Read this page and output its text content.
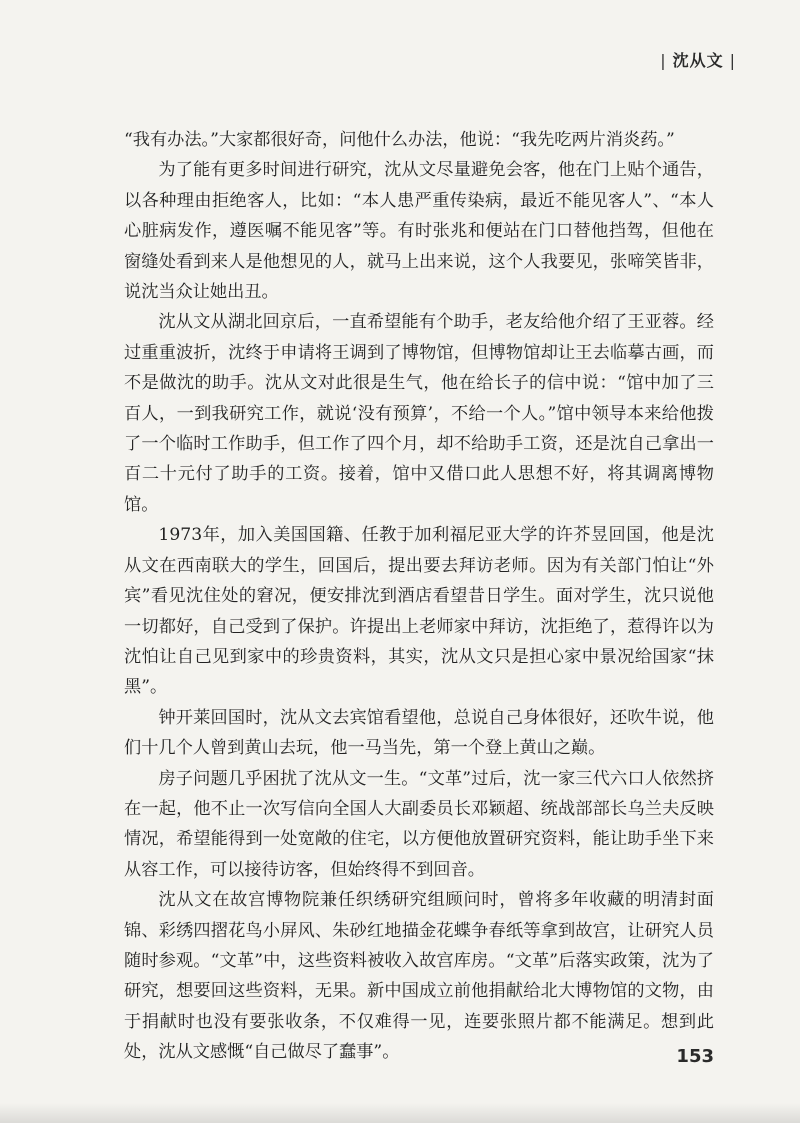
| 沈从文 |

“我有办法。”大家都很好奇，问他什么办法，他说：“我先吃两片消炎药。”

为了能有更多时间进行研究，沈从文尽量避免会客，他在门上贴个通告，以各种理由拒绝客人，比如：“本人患严重传染病，最近不能见客人”、“本人心脏病发作，遵医嘱不能见客”等。有时张兆和便站在门口替他挡驾，但他在窗缝处看到来人是他想见的人，就马上出来说，这个人我要见，张啼笑皆非，说沈当众让她出丑。

沈从文从湖北回京后，一直希望能有个助手，老友给他介绍了王亚蓉。经过重重波折，沈终于申请将王调到了博物馆，但博物馆却让王去临摹古画，而不是做沈的助手。沈从文对此很是生气，他在给长子的信中说：“馆中加了三百人，一到我研究工作，就说‘没有预算’，不给一个人。”馆中领导本来给他拨了一个临时工作助手，但工作了四个月，却不给助手工资，还是沈自己拿出一百二十元付了助手的工资。接着，馆中又借口此人思想不好，将其调离博物馆。

1973年，加入美国国籍、任教于加利福尼亚大学的许芥昱回国，他是沈从文在西南联大的学生，回国后，提出要去拜访老师。因为有关部门怕让“外宾”看见沈住处的窘况，便安排沈到酒店看望昔日学生。面对学生，沈只说他一切都好，自己受到了保护。许提出上老师家中拜访，沈拒绝了，惹得许以为沈怕让自己见到家中的珍贵资料，其实，沈从文只是担心家中景况给国家“抹黑”。

钟开莱回国时，沈从文去宾馆看望他，总说自己身体很好，还吹牛说，他们十几个人曾到黄山去玩，他一马当先，第一个登上黄山之巅。

房子问题几乎困扰了沈从文一生。“文革”过后，沈一家三代六口人依然挤在一起，他不止一次写信向全国人大副委员长邓颖超、统战部部长乌兰夫反映情况，希望能得到一处宽敞的住宅，以方便他放置研究资料，能让助手坐下来从容工作，可以接待访客，但始终得不到回音。

沈从文在故宫博物院兼任织绣研究组顾问时，曾将多年收藏的明清封面锦、彩绣四摺花鸟小屏风、朱砂红地描金花蝶争春纸等拿到故宫，让研究人员随时参观。“文革”中，这些资料被收入故宫库房。“文革”后落实政策，沈为了研究，想要回这些资料，无果。新中国成立前他捐献给北大博物馆的文物，由于捐献时也没有要张收条，不仅难得一见，连要张照片都不能满足。想到此处，沈从文感慨“自己做尽了蠢事”。	153
